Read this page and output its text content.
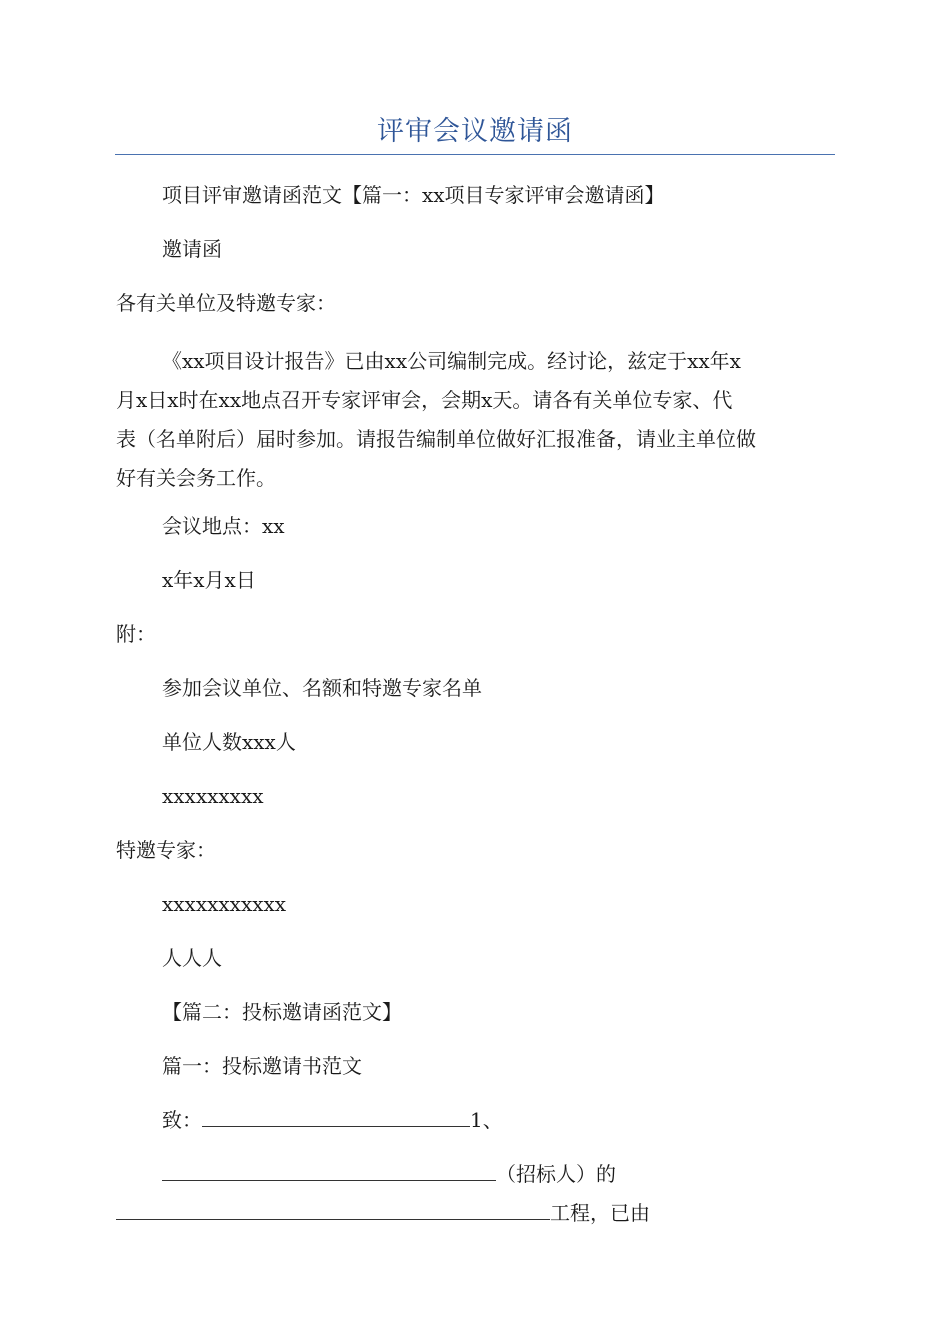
评审会议邀请函
项目评审邀请函范文【篇一：xx项目专家评审会邀请函】
邀请函
各有关单位及特邀专家：
《xx项目设计报告》已由xx公司编制完成。经讨论，兹定于xx年x
月x日x时在xx地点召开专家评审会，会期x天。请各有关单位专家、代
表（名单附后）届时参加。请报告编制单位做好汇报准备，请业主单位做
好有关会务工作。
会议地点：xx
x年x月x日
附：
参加会议单位、名额和特邀专家名单
单位人数xxx人
xxxxxxxxx
特邀专家：
xxxxxxxxxxx
人人人
【篇二：投标邀请函范文】
篇一：投标邀请书范文
致：	1、
（招标人）的
工程，已由
